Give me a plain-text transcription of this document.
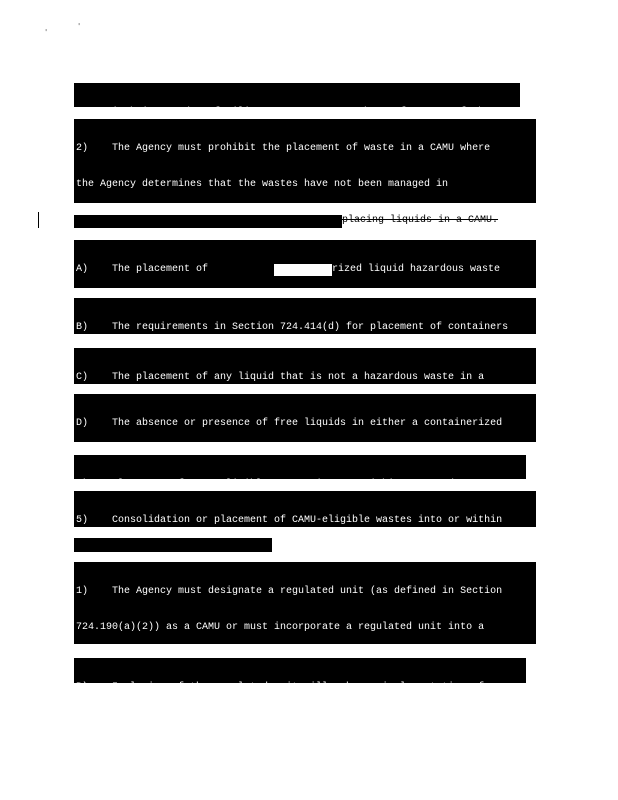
'
'

2)    The Agency must prohibit the placement of waste in a CAMU where

the Agency determines that the wastes have not been managed in

placing liquids in a CAMU.

A)    The placement of	rized liquid hazardous waste

B)    The requirements in Section 724.414(d) for placement of containers

C)    The placement of any liquid that is not a hazardous waste in a

D)    The absence or presence of free liquids in either a containerized

5)    Consolidation or placement of CAMU-eligible wastes into or within

1)    The Agency must designate a regulated unit (as defined in Section

724.190(a)(2)) as a CAMU or must incorporate a regulated unit into a
